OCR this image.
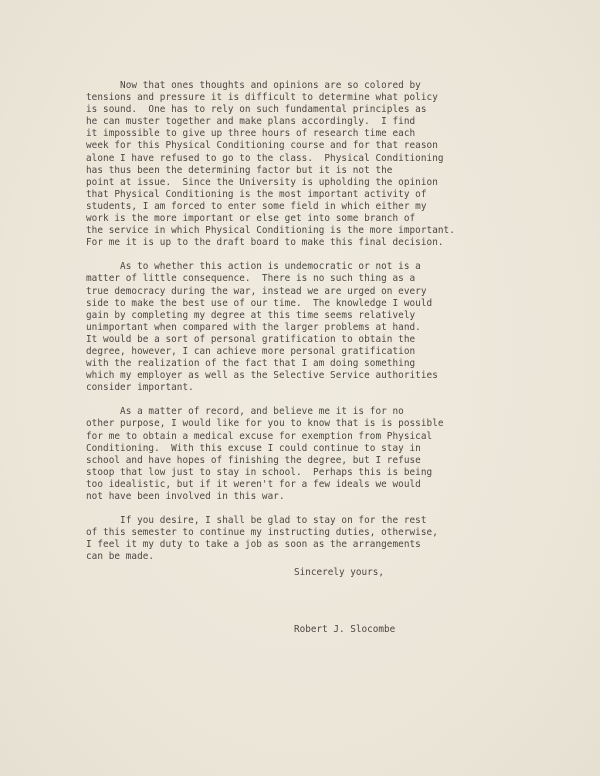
Now that ones thoughts and opinions are so colored by
tensions and pressure it is difficult to determine what policy
is sound.  One has to rely on such fundamental principles as
he can muster together and make plans accordingly.  I find
it impossible to give up three hours of research time each
week for this Physical Conditioning course and for that reason
alone I have refused to go to the class.  Physical Conditioning
has thus been the determining factor but it is not the
point at issue.  Since the University is upholding the opinion
that Physical Conditioning is the most important activity of
students, I am forced to enter some field in which either my
work is the more important or else get into some branch of
the service in which Physical Conditioning is the more important.
For me it is up to the draft board to make this final decision.

As to whether this action is undemocratic or not is a
matter of little consequence.  There is no such thing as a
true democracy during the war, instead we are urged on every
side to make the best use of our time.  The knowledge I would
gain by completing my degree at this time seems relatively
unimportant when compared with the larger problems at hand.
It would be a sort of personal gratification to obtain the
degree, however, I can achieve more personal gratification
with the realization of the fact that I am doing something
which my employer as well as the Selective Service authorities
consider important.

As a matter of record, and believe me it is for no
other purpose, I would like for you to know that is is possible
for me to obtain a medical excuse for exemption from Physical
Conditioning.  With this excuse I could continue to stay in
school and have hopes of finishing the degree, but I refuse
stoop that low just to stay in school.  Perhaps this is being
too idealistic, but if it weren't for a few ideals we would
not have been involved in this war.

If you desire, I shall be glad to stay on for the rest
of this semester to continue my instructing duties, otherwise,
I feel it my duty to take a job as soon as the arrangements
can be made.

Sincerely yours,
Robert J. Slocombe
